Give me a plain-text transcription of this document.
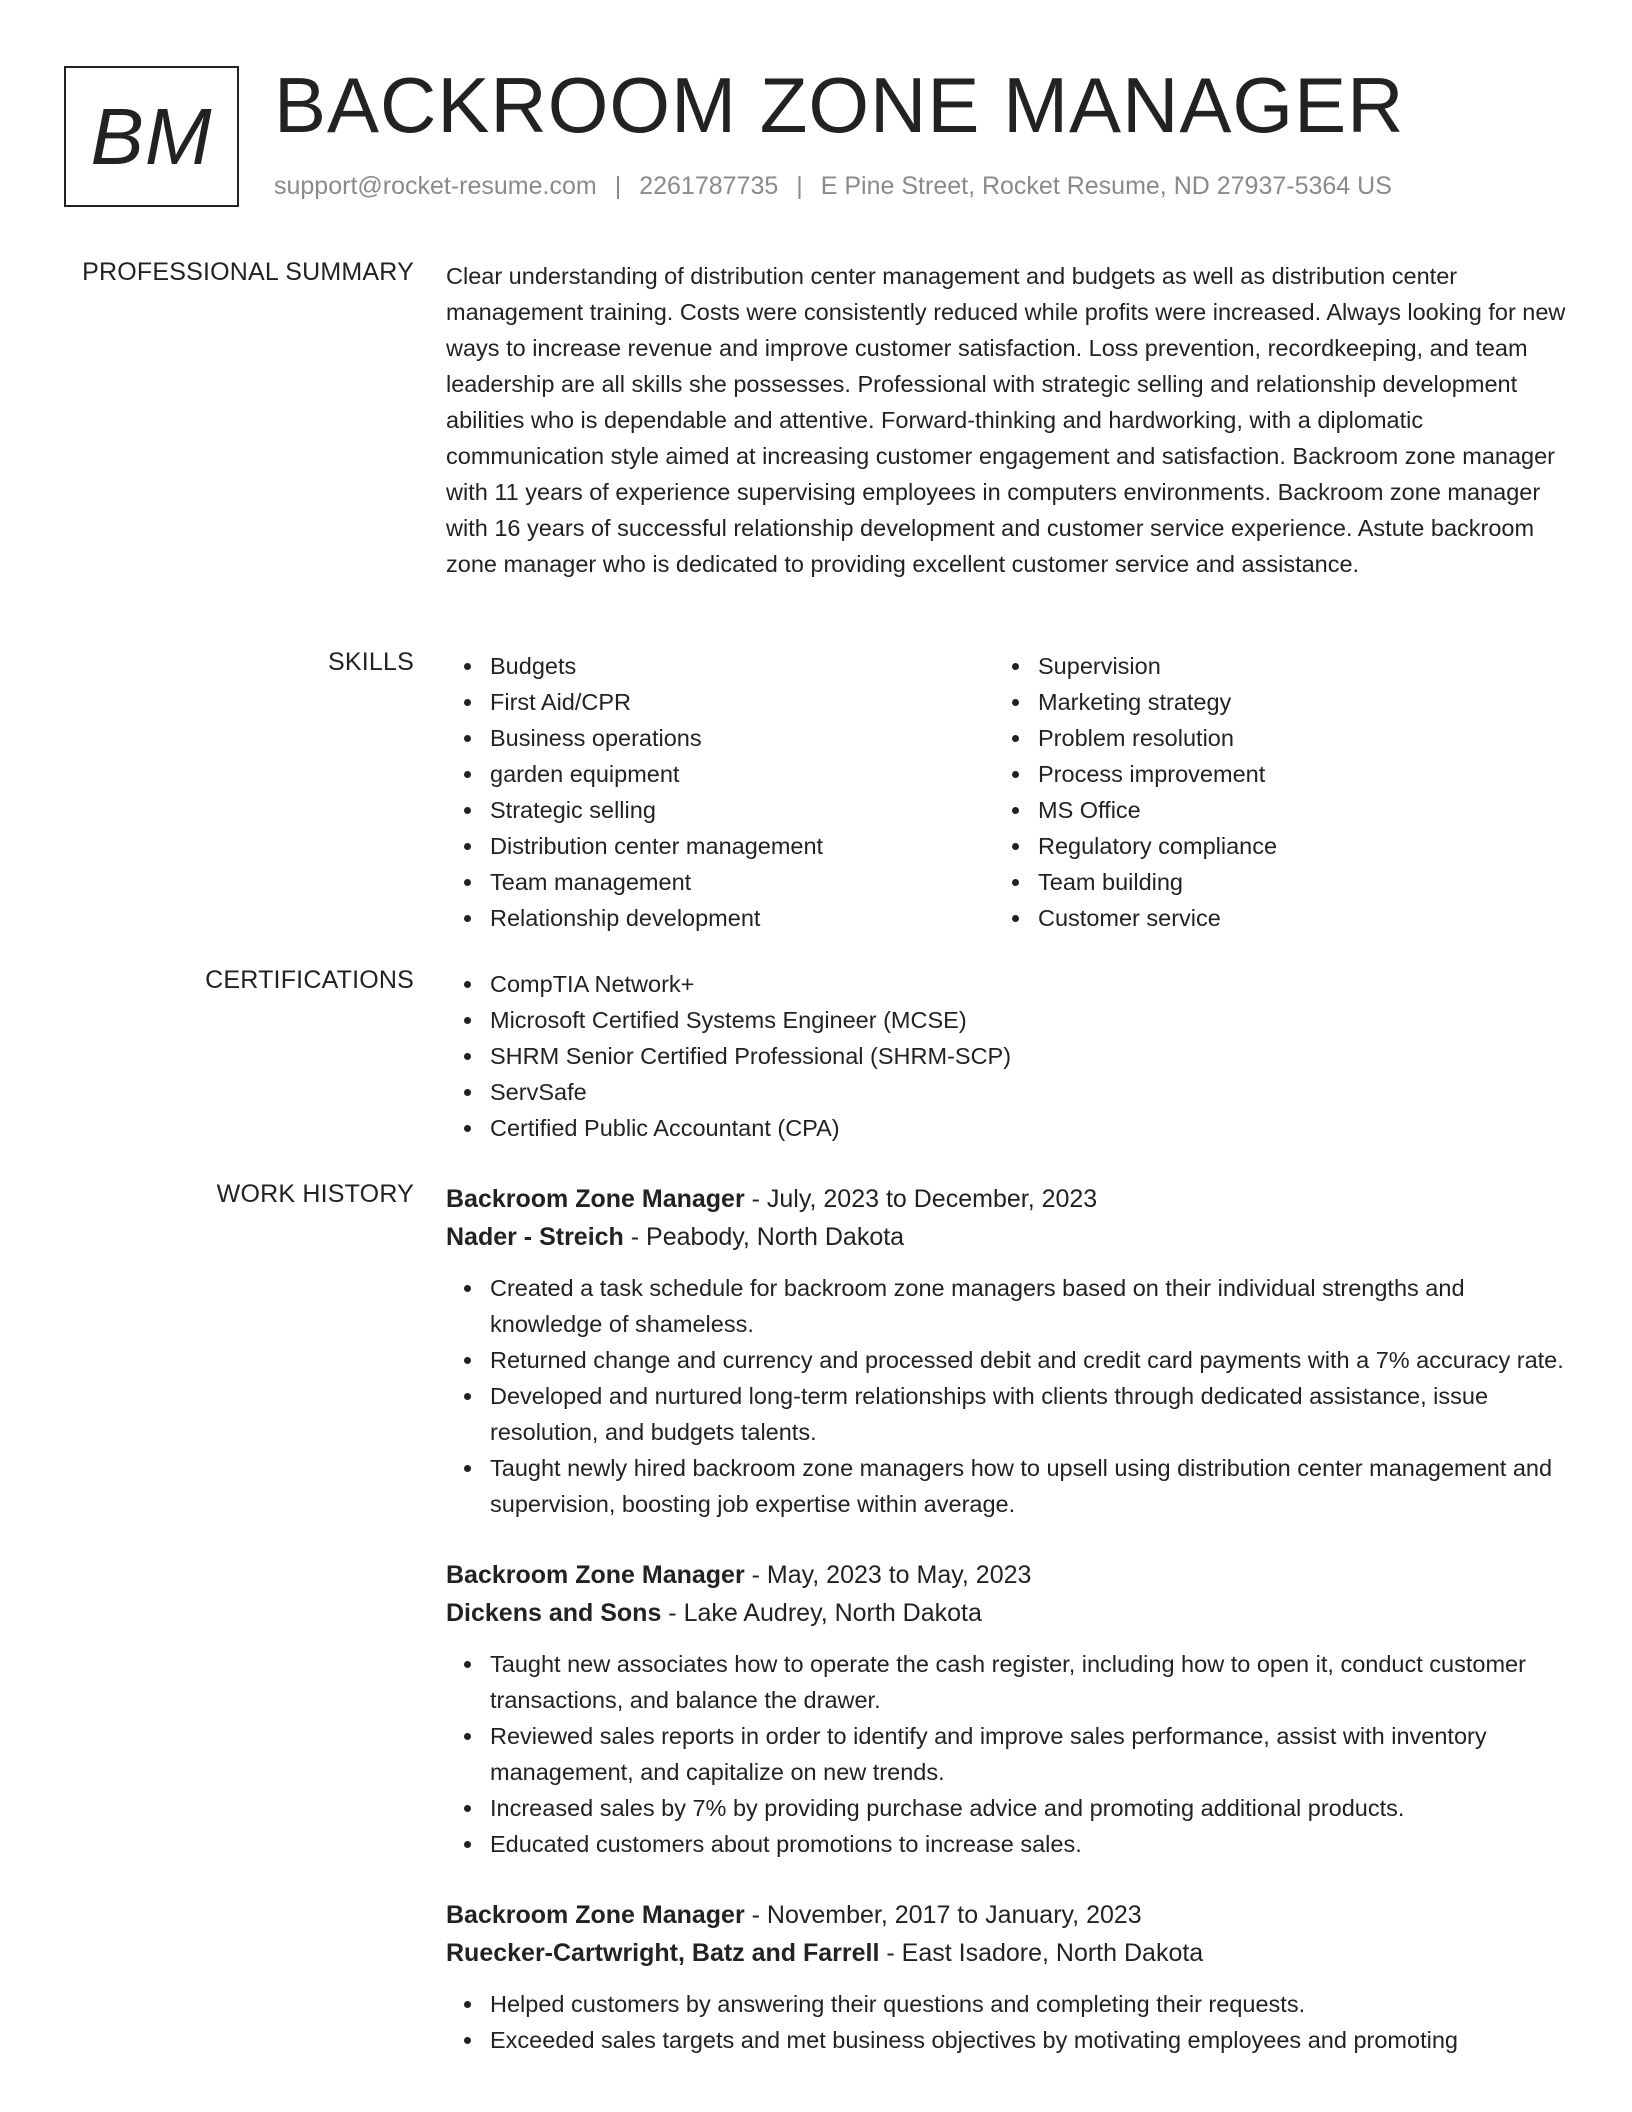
BM BACKROOM ZONE MANAGER
support@rocket-resume.com | 2261787735 | E Pine Street, Rocket Resume, ND 27937-5364 US
PROFESSIONAL SUMMARY Clear understanding of distribution center management and budgets as well as distribution center management training. Costs were consistently reduced while profits were increased. Always looking for new ways to increase revenue and improve customer satisfaction. Loss prevention, recordkeeping, and team leadership are all skills she possesses. Professional with strategic selling and relationship development abilities who is dependable and attentive. Forward-thinking and hardworking, with a diplomatic communication style aimed at increasing customer engagement and satisfaction. Backroom zone manager with 11 years of experience supervising employees in computers environments. Backroom zone manager with 16 years of successful relationship development and customer service experience. Astute backroom zone manager who is dedicated to providing excellent customer service and assistance.
SKILLS	Budgets
First Aid/CPR
Business operations
garden equipment
Strategic selling
Distribution center management
Team management
Relationship development
Supervision
Marketing strategy
Problem resolution
Process improvement
MS Office
Regulatory compliance
Team building
Customer service
CERTIFICATIONS	CompTIA Network+
Microsoft Certified Systems Engineer (MCSE)
SHRM Senior Certified Professional (SHRM-SCP)
ServSafe
Certified Public Accountant (CPA)
WORK HISTORY Backroom Zone Manager - July, 2023 to December, 2023
Nader - Streich - Peabody, North Dakota
Created a task schedule for backroom zone managers based on their individual strengths and knowledge of shameless.
Returned change and currency and processed debit and credit card payments with a 7% accuracy rate.
Developed and nurtured long-term relationships with clients through dedicated assistance, issue resolution, and budgets talents.
Taught newly hired backroom zone managers how to upsell using distribution center management and supervision, boosting job expertise within average.
Backroom Zone Manager - May, 2023 to May, 2023
Dickens and Sons - Lake Audrey, North Dakota
Taught new associates how to operate the cash register, including how to open it, conduct customer transactions, and balance the drawer.
Reviewed sales reports in order to identify and improve sales performance, assist with inventory management, and capitalize on new trends.
Increased sales by 7% by providing purchase advice and promoting additional products.
Educated customers about promotions to increase sales.
Backroom Zone Manager - November, 2017 to January, 2023
Ruecker-Cartwright, Batz and Farrell - East Isadore, North Dakota
Helped customers by answering their questions and completing their requests.
Exceeded sales targets and met business objectives by motivating employees and promoting
